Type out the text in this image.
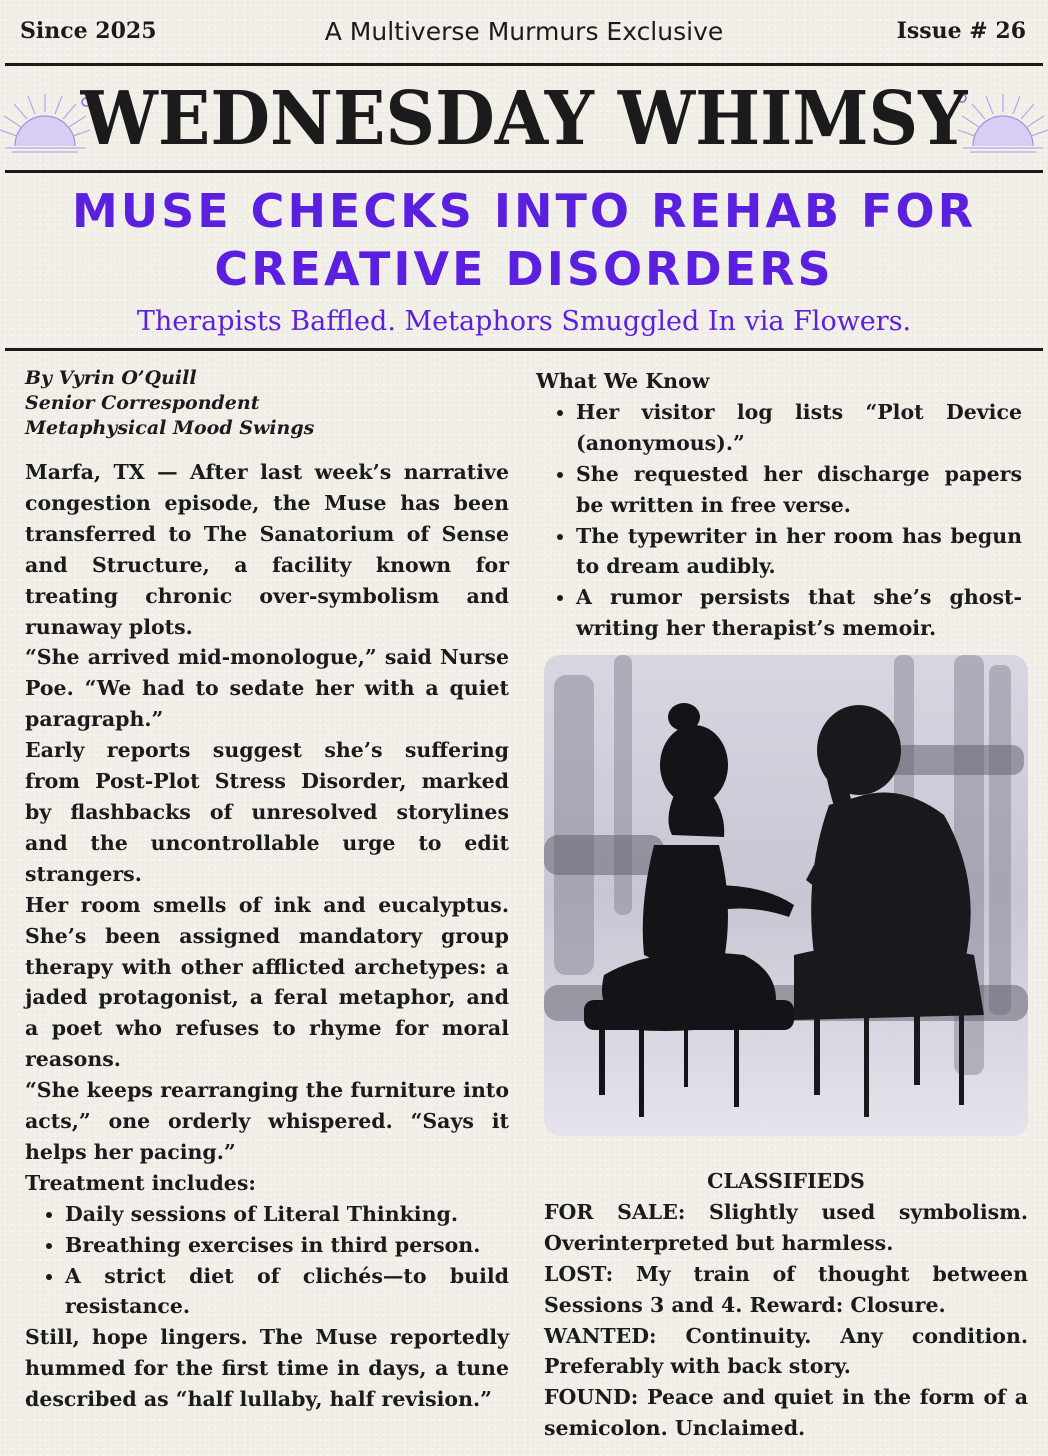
Since 2025	A Multiverse Murmurs Exclusive	Issue # 26
WEDNESDAY WHIMSY
MUSE CHECKS INTO REHAB FOR
CREATIVE DISORDERS
Therapists Baffled. Metaphors Smuggled In via Flowers.
By Vyrin O’Quill
Senior Correspondent
Metaphysical Mood Swings

Marfa, TX — After last week’s narrative congestion episode, the Muse has been transferred to The Sanatorium of Sense and Structure, a facility known for treating chronic over-symbolism and runaway plots.

“She arrived mid-monologue,” said Nurse Poe. “We had to sedate her with a quiet paragraph.”

Early reports suggest she’s suffering from Post-Plot Stress Disorder, marked by flashbacks of unresolved storylines and the uncontrollable urge to edit strangers.

Her room smells of ink and eucalyptus. She’s been assigned mandatory group therapy with other afflicted archetypes: a jaded protagonist, a feral metaphor, and a poet who refuses to rhyme for moral reasons.

“She keeps rearranging the furniture into acts,” one orderly whispered. “Says it helps her pacing.”

Treatment includes:

• Daily sessions of Literal Thinking.
• Breathing exercises in third person.
• A strict diet of clichés—to build resistance.

Still, hope lingers. The Muse reportedly hummed for the first time in days, a tune described as “half lullaby, half revision.”

What We Know
• Her visitor log lists “Plot Device (anonymous).”
• She requested her discharge papers be written in free verse.
• The typewriter in her room has begun to dream audibly.
• A rumor persists that she’s ghost-writing her therapist’s memoir.
CLASSIFIEDS

FOR SALE: Slightly used symbolism. Overinterpreted but harmless.

LOST: My train of thought between Sessions 3 and 4. Reward: Closure.

WANTED: Continuity. Any condition. Preferably with back story.

FOUND: Peace and quiet in the form of a semicolon. Unclaimed.
